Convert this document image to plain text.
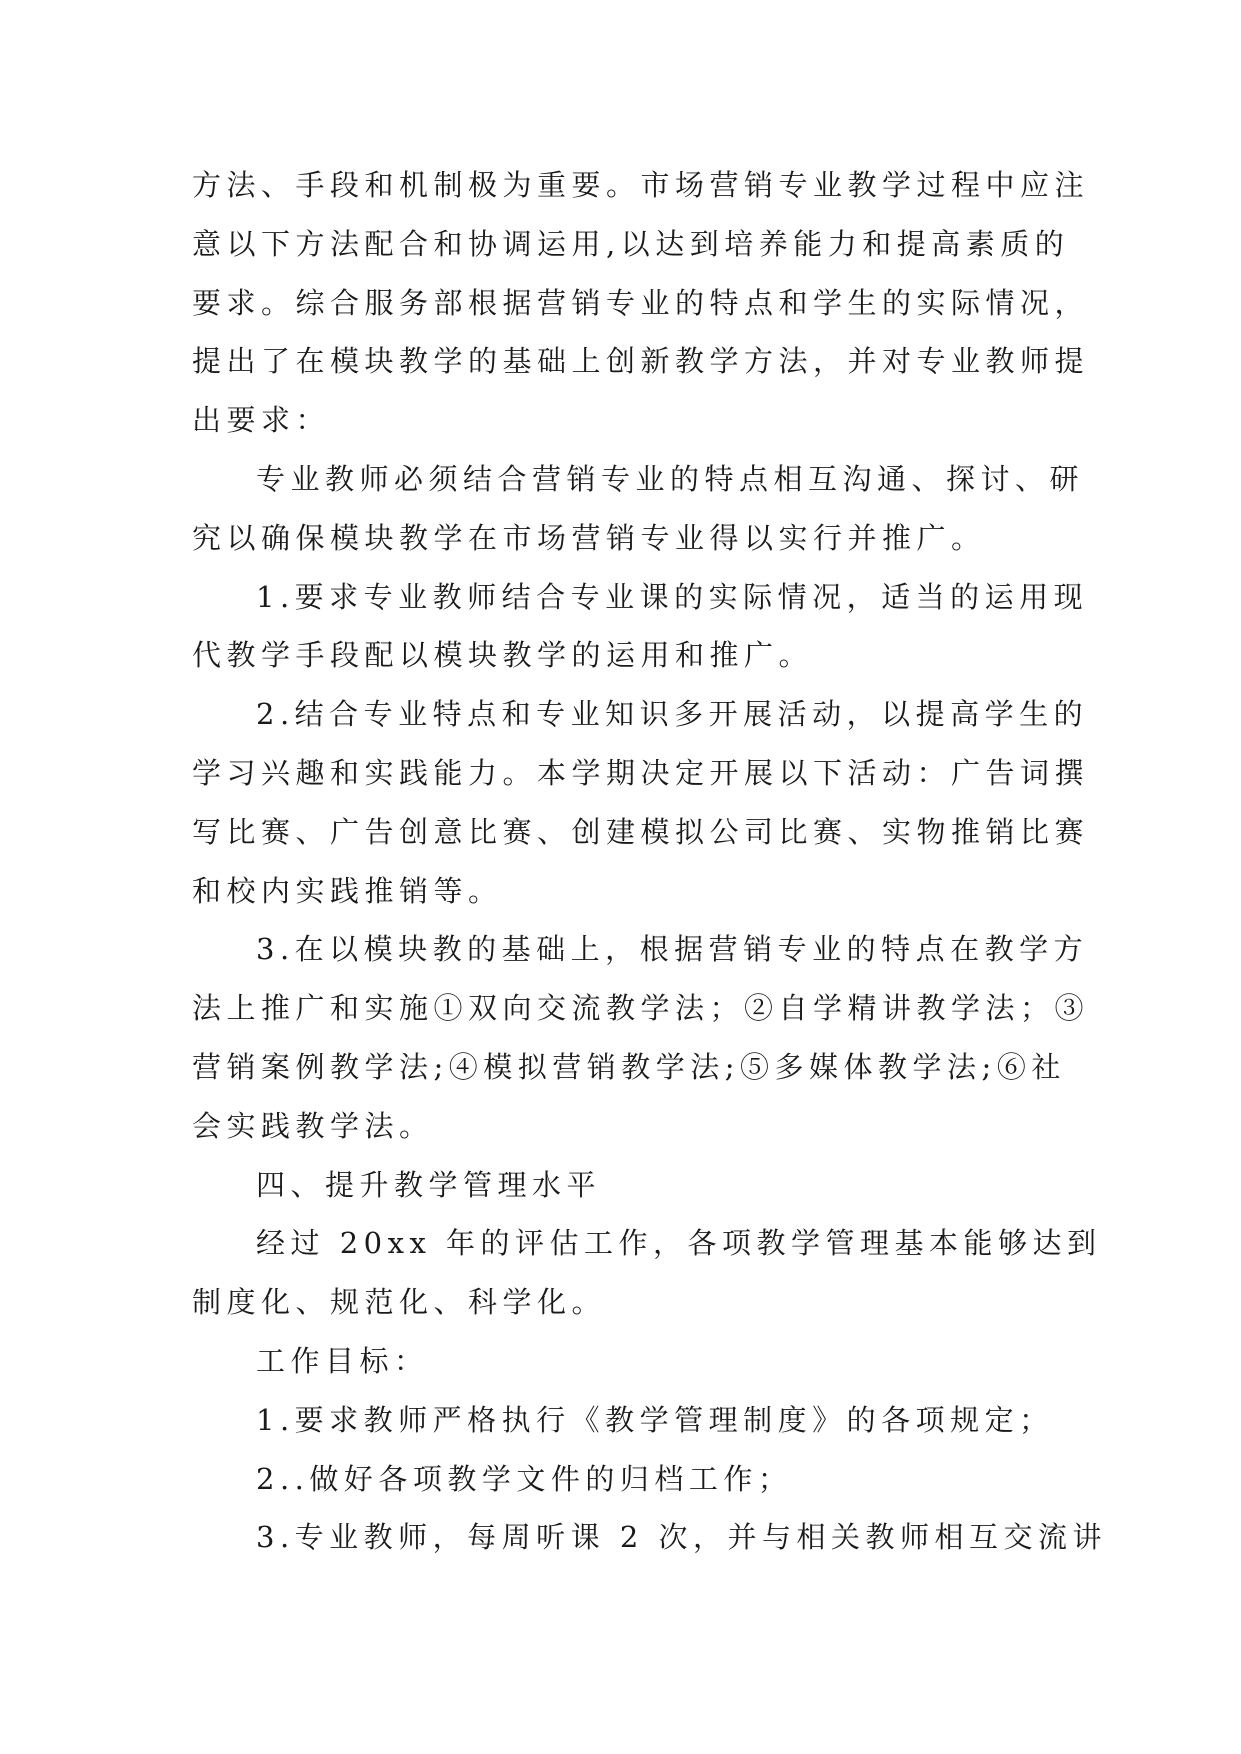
方法、手段和机制极为重要。市场营销专业教学过程中应注
意以下方法配合和协调运用,以达到培养能力和提高素质的
要求。综合服务部根据营销专业的特点和学生的实际情况，
提出了在模块教学的基础上创新教学方法，并对专业教师提
出要求：
专业教师必须结合营销专业的特点相互沟通、探讨、研
究以确保模块教学在市场营销专业得以实行并推广。
1.要求专业教师结合专业课的实际情况，适当的运用现
代教学手段配以模块教学的运用和推广。
2.结合专业特点和专业知识多开展活动，以提高学生的
学习兴趣和实践能力。本学期决定开展以下活动：广告词撰
写比赛、广告创意比赛、创建模拟公司比赛、实物推销比赛
和校内实践推销等。
3.在以模块教的基础上，根据营销专业的特点在教学方
法上推广和实施①双向交流教学法；②自学精讲教学法；③
营销案例教学法;④模拟营销教学法;⑤多媒体教学法;⑥社
会实践教学法。
四、提升教学管理水平
经过 20xx 年的评估工作，各项教学管理基本能够达到
制度化、规范化、科学化。
工作目标：
1.要求教师严格执行《教学管理制度》的各项规定；
2..做好各项教学文件的归档工作；
3.专业教师，每周听课 2 次，并与相关教师相互交流讲
